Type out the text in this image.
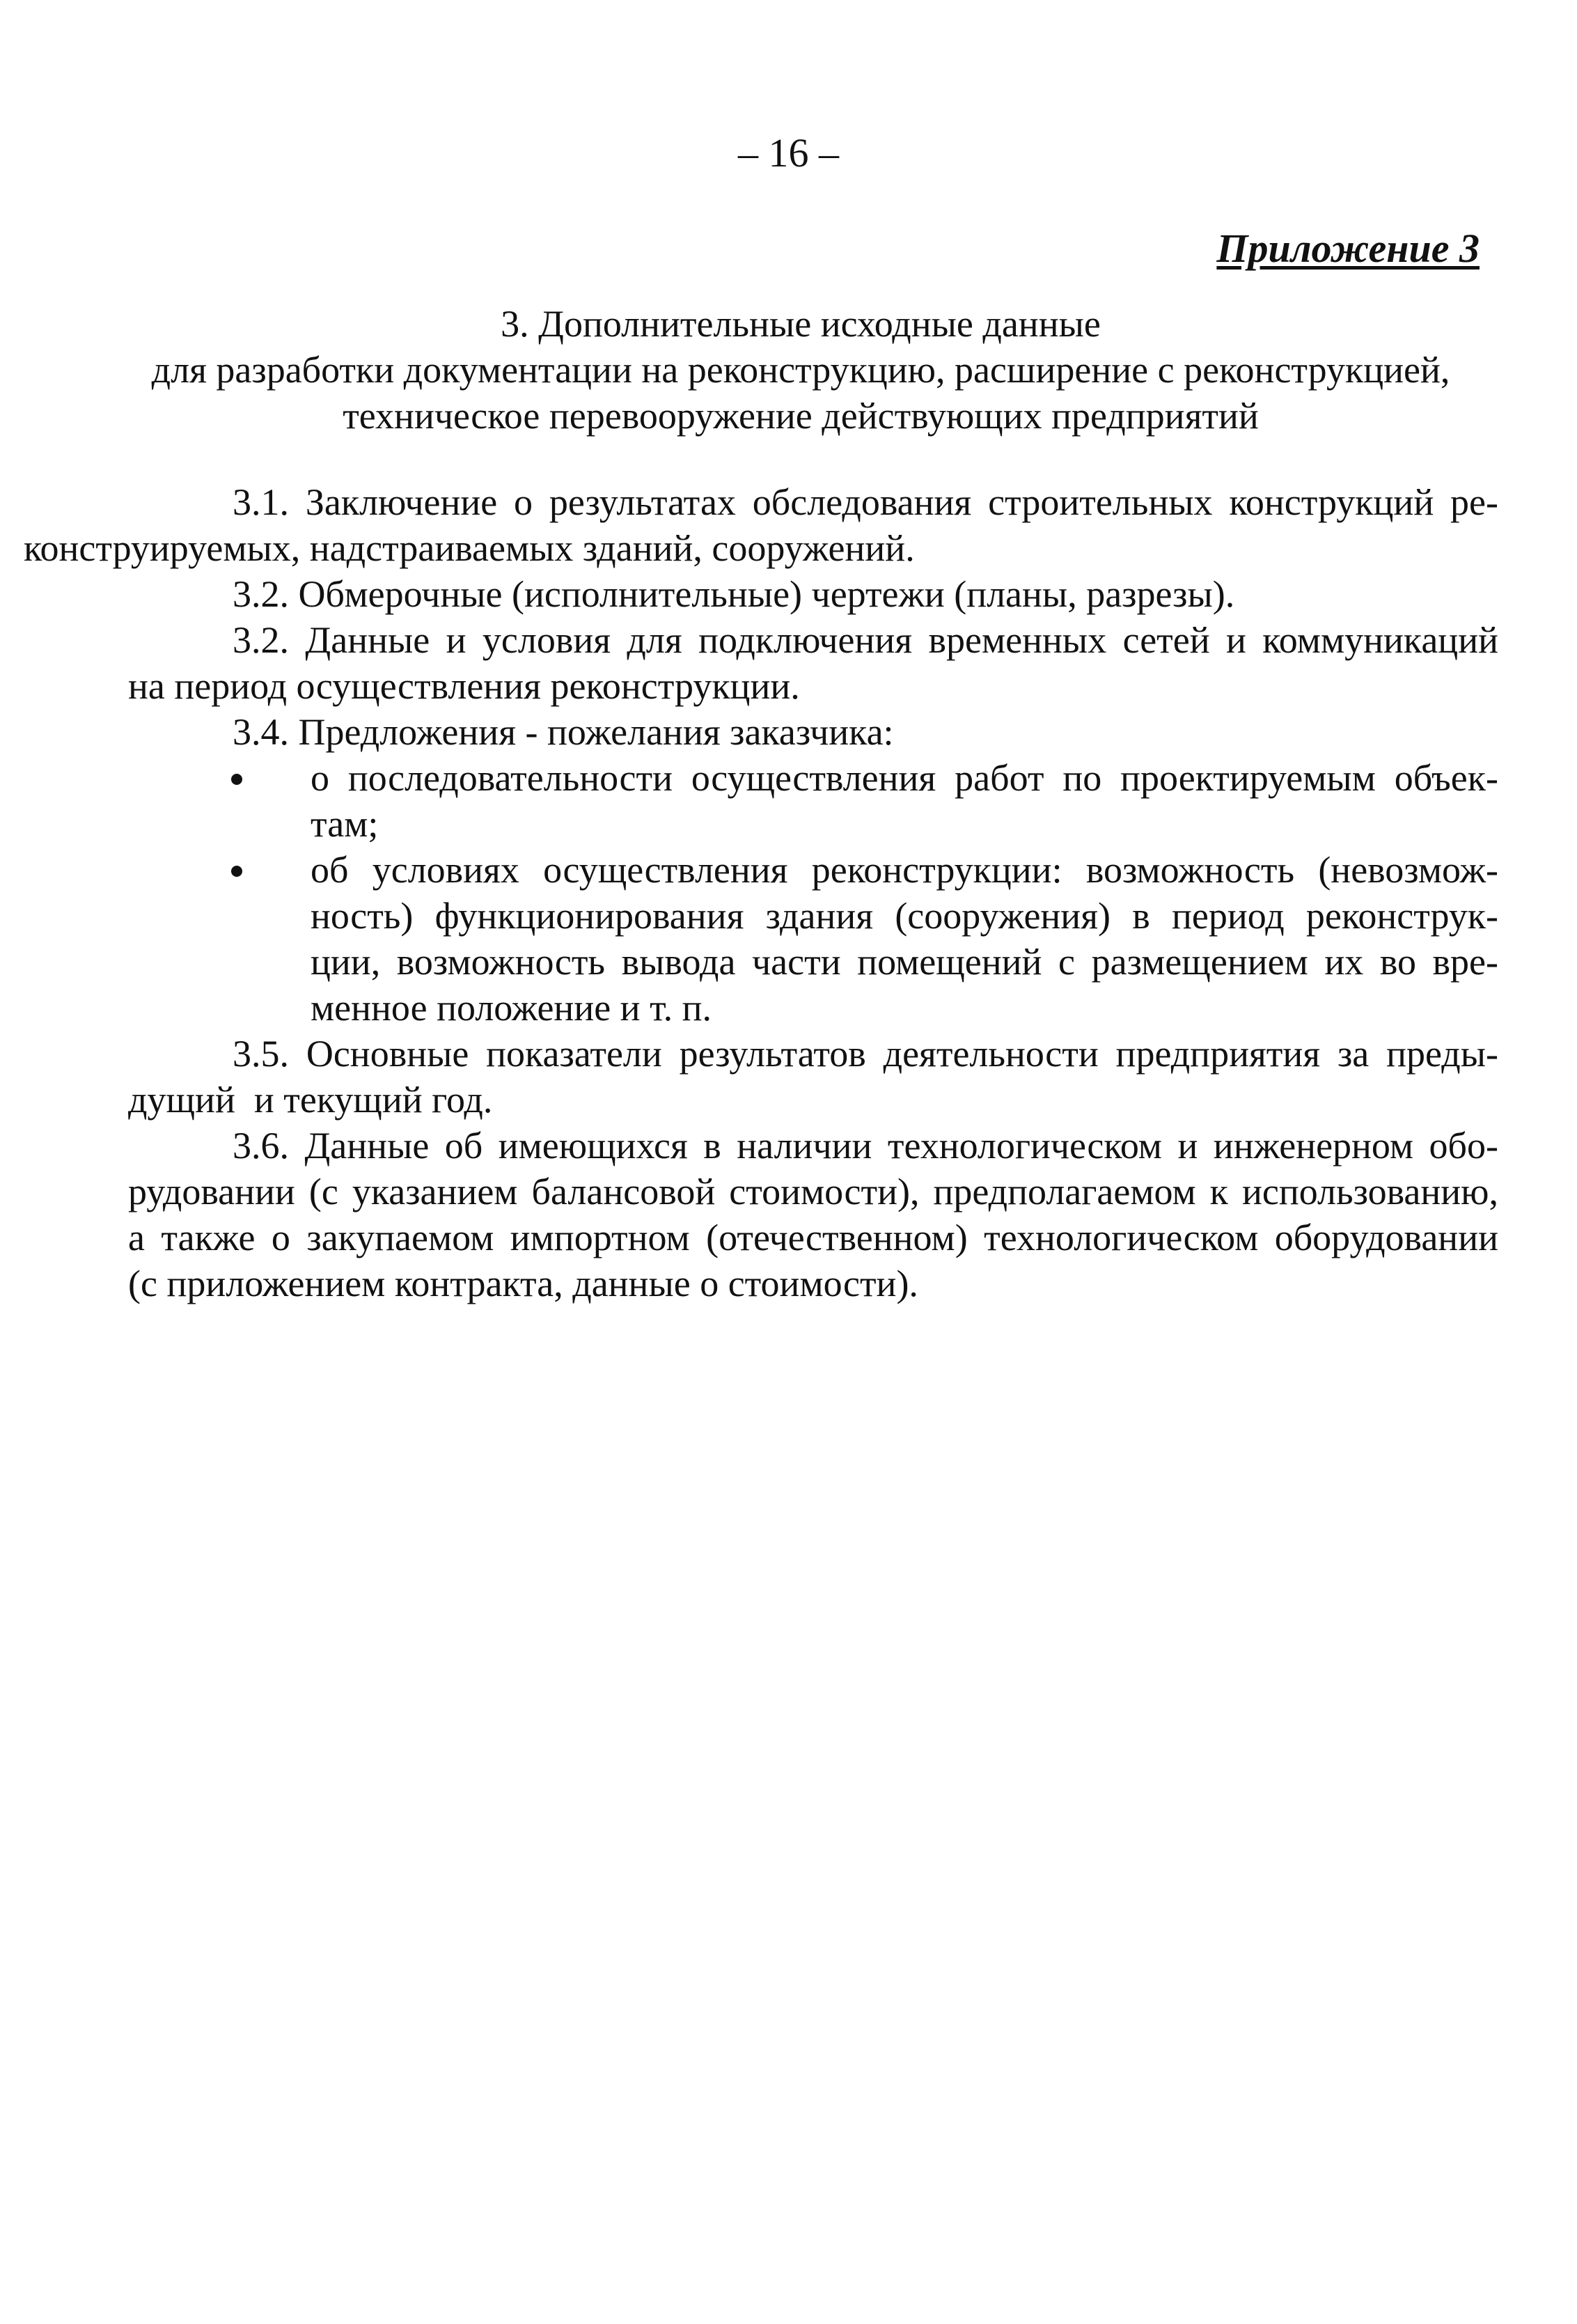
– 16 –
Приложение 3
3. Дополнительные исходные данные
для разработки документации на реконструкцию, расширение с реконструкцией,
техническое перевооружение действующих предприятий

3.1. Заключение о результатах обследования строительных конструкций ре-
конструируемых, надстраиваемых зданий, сооружений.

3.2. Обмерочные (исполнительные) чертежи (планы, разрезы).

3.2. Данные и условия для подключения временных сетей и коммуникаций
на период осуществления реконструкции.

3.4. Предложения - пожелания заказчика:

о последовательности осуществления работ по проектируемым объек-
там;
об условиях осуществления реконструкции: возможность (невозмож-
ность) функционирования здания (сооружения) в период реконструк-
ции, возможность вывода части помещений с размещением их во вре-
менное положение и т. п.

3.5. Основные показатели результатов деятельности предприятия за преды-
дущий  и текущий год.

3.6. Данные об имеющихся в наличии технологическом и инженерном обо-
рудовании (с указанием балансовой стоимости), предполагаемом к использованию,
а также о закупаемом импортном (отечественном) технологическом оборудовании
(с приложением контракта, данные о стоимости).
